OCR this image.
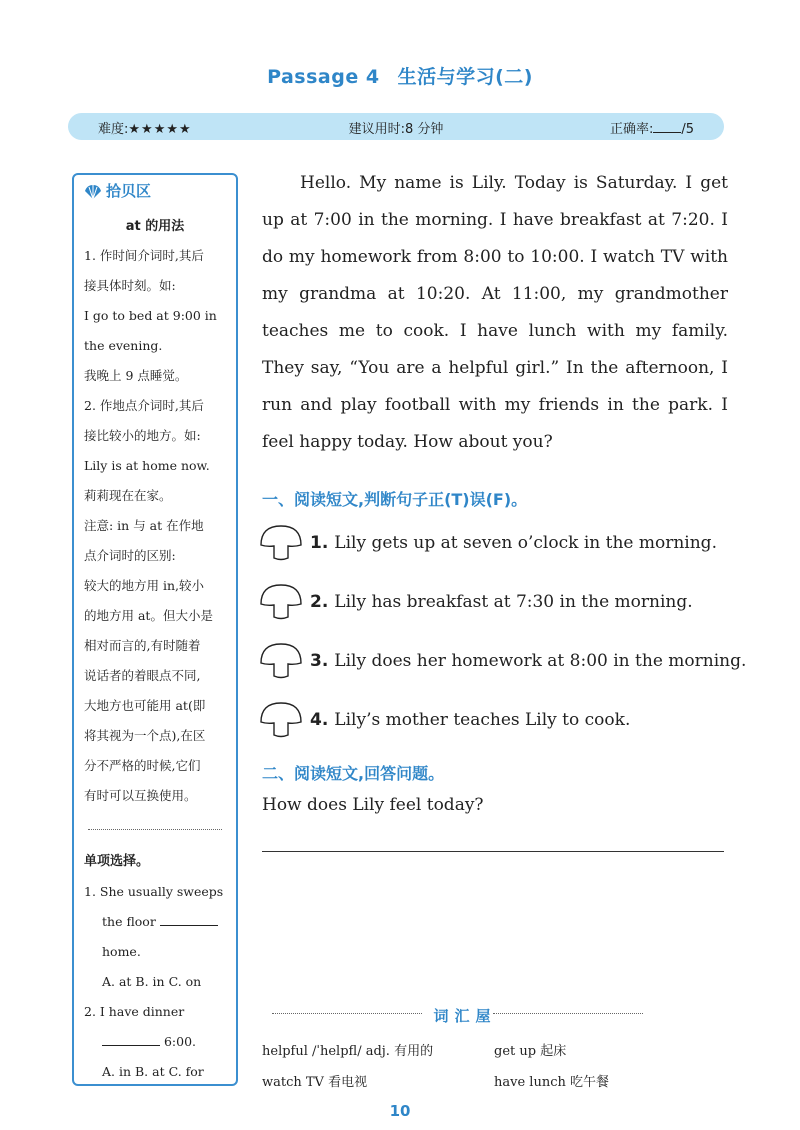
Passage 4 生活与学习(二)
难度:★★★★★	建议用时:8 分钟	正确率: /5
拾贝区
at 的用法
1. 作时间介词时,其后
接具体时刻。如:
I go to bed at 9:00 in
the evening.
我晚上 9 点睡觉。
2. 作地点介词时,其后
接比较小的地方。如:
Lily is at home now.
莉莉现在在家。
注意: in 与 at 在作地
点介词时的区别:
较大的地方用 in,较小
的地方用 at。但大小是
相对而言的,有时随着
说话者的着眼点不同,
大地方也可能用 at(即
将其视为一个点),在区
分不严格的时候,它们
有时可以互换使用。
单项选择。
1. She usually sweeps
the floor
home.
A. at B. in C. on
2. I have dinner
6:00.
A. in B. at C. for

Hello. My name is Lily. Today is Saturday. I get up at 7:00 in the morning. I have breakfast at 7:20. I do my homework from 8:00 to 10:00. I watch TV with my grandma at 10:20. At 11:00, my grandmother teaches me to cook. I have lunch with my family. They say, “You are a helpful girl.” In the afternoon, I run and play football with my friends in the park. I feel happy today. How about you?

一、阅读短文,判断句子正(T)误(F)。
1. Lily gets up at seven o’clock in the morning.
2. Lily has breakfast at 7:30 in the morning.
3. Lily does her homework at 8:00 in the morning.
4. Lily’s mother teaches Lily to cook.
二、阅读短文,回答问题。
How does Lily feel today?
词汇屋
helpful /ˈhelpfl/ adj. 有用的	get up 起床
watch TV 看电视	have lunch 吃午餐
10
